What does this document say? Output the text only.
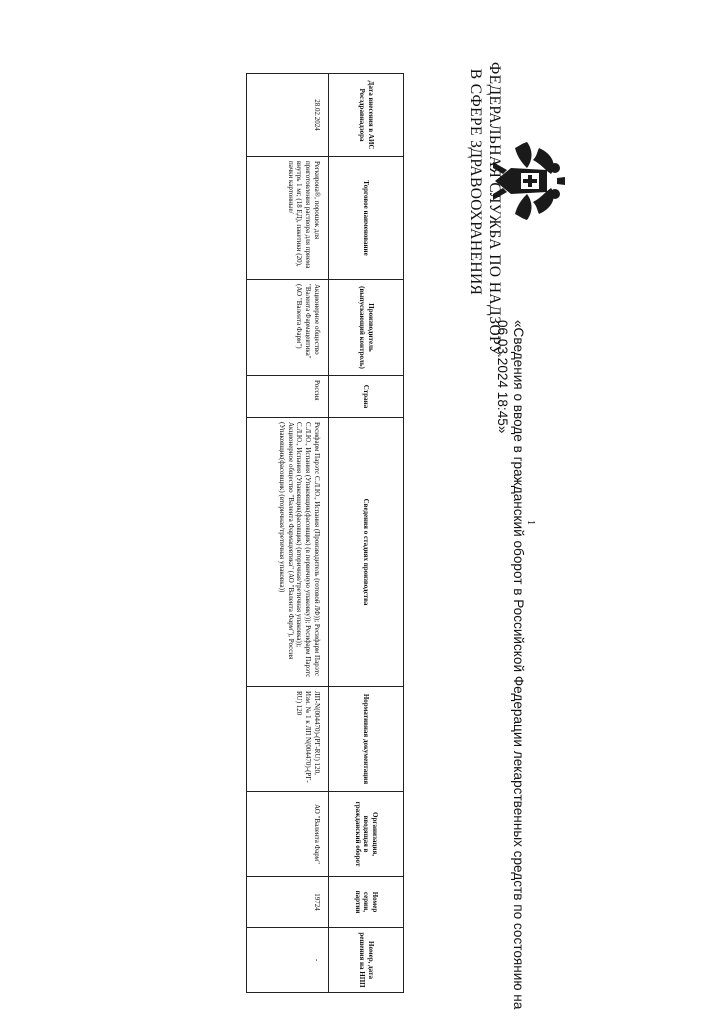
ФЕДЕРАЛЬНАЯ СЛУЖБА ПО НАДЗОРУ
В СФЕРЕ ЗДРАВООХРАНЕНИЯ
«Сведения о вводе в гражданский оборот в Российской Федерации лекарственных средств по состоянию на 06.03.2024 18:45»
1
Дата внесения в АИС Росздравнадзора	Торговое наименование	Производитель (выпускающий контроль)	Страна	Сведения о стадиях производства	Нормативная документация	Организация, вводящая в гражданский оборот	Номер серии, партии	Номер, дата решения на НПП
28.02.2024	Регкирона®, порошок для приготовления раствора для приема внутрь 1 мг, (18 ЕД), пакетики (20), пачки картонные/	Акционерное общество "Валента Фармацевтика" (АО "Валента Фарм")	Россия	Ресифарм Парэтс С.Л.Ю., Испания (Производитель (готовой ЛФ)); Ресифарм Парэтс С.Л.Ю., Испания (Упаковщик(фасовщик) (в первичную упаковку)); Ресифарм Парэтс С.Л.Ю., Испания (Упаковщик(фасовщик) (вторичная/третичная упаковка)); Акционерное общество "Валента Фармацевтика" (АО "Валента Фарм"), Россия (Упаковщик(фасовщик) (вторичная/третичная упаковка))	ЛП-N(004470)-(РГ-RU) 120, Изм. № 1 к ЛП N(004470)-(РГ-RU) 120	АО "Валента Фарм"	19724	-
